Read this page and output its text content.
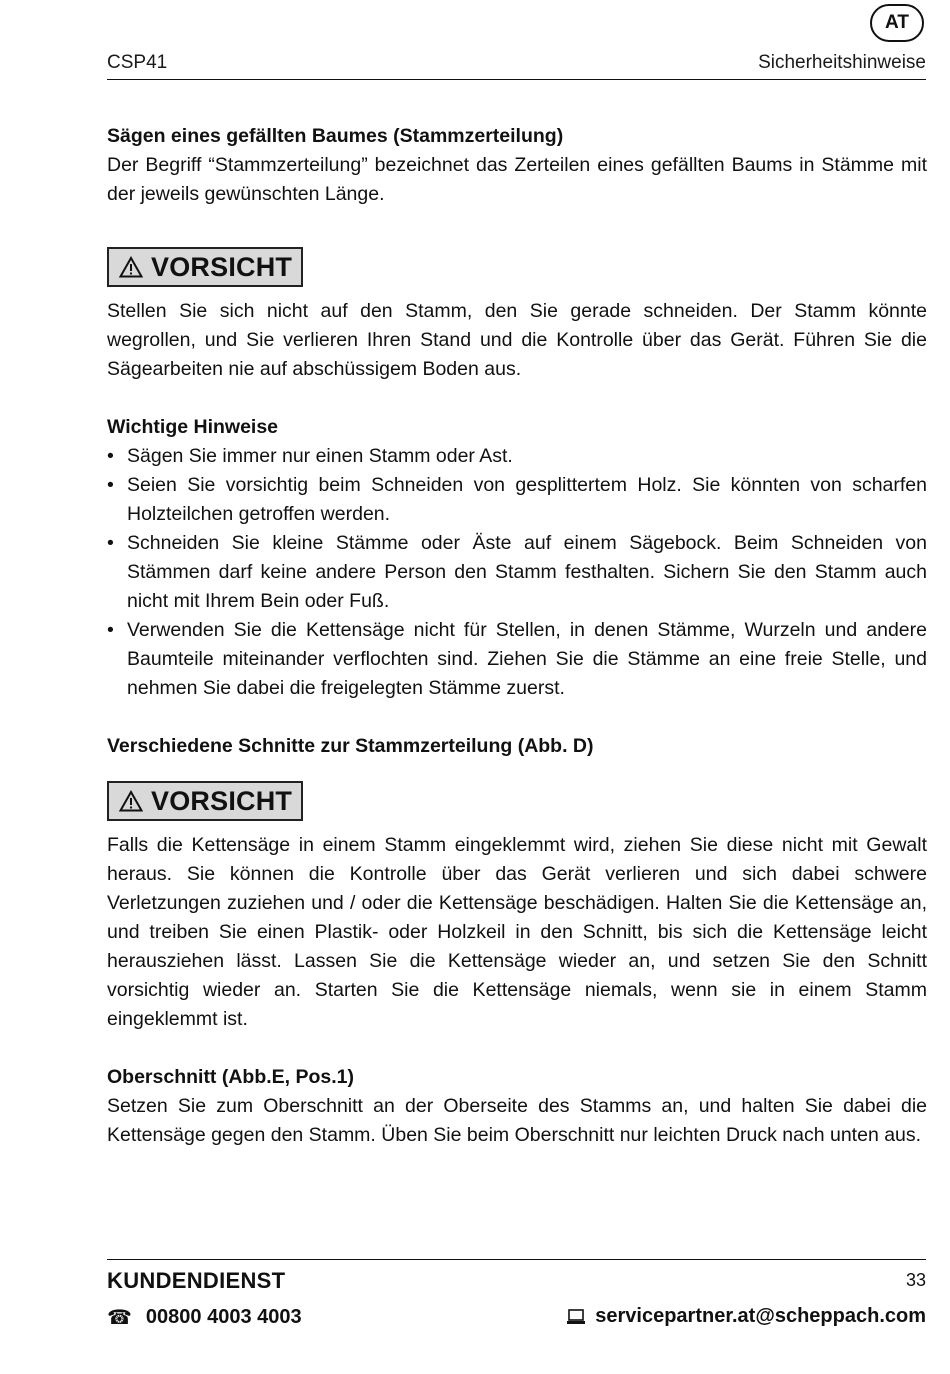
AT
CSP41	Sicherheitshinweise

Sägen eines gefällten Baumes (Stammzerteilung)

Der Begriff “Stammzerteilung” bezeichnet das Zerteilen eines gefällten Baums in Stämme mit der jeweils gewünschten Länge.

VORSICHT

Stellen Sie sich nicht auf den Stamm, den Sie gerade schneiden. Der Stamm könnte wegrollen, und Sie verlieren Ihren Stand und die Kontrolle über das Gerät. Führen Sie die Sägearbeiten nie auf abschüssigem Boden aus.

Wichtige Hinweise

• Sägen Sie immer nur einen Stamm oder Ast.
• Seien Sie vorsichtig beim Schneiden von gesplittertem Holz. Sie könnten von scharfen Holzteilchen getroffen werden.
• Schneiden Sie kleine Stämme oder Äste auf einem Sägebock. Beim Schneiden von Stämmen darf keine andere Person den Stamm festhalten. Sichern Sie den Stamm auch nicht mit Ihrem Bein oder Fuß.
• Verwenden Sie die Kettensäge nicht für Stellen, in denen Stämme, Wurzeln und andere Baumteile miteinander verflochten sind. Ziehen Sie die Stämme an eine freie Stelle, und nehmen Sie dabei die freigelegten Stämme zuerst.

Verschiedene Schnitte zur Stammzerteilung (Abb. D)

VORSICHT

Falls die Kettensäge in einem Stamm eingeklemmt wird, ziehen Sie diese nicht mit Gewalt heraus. Sie können die Kontrolle über das Gerät verlieren und sich dabei schwere Verletzungen zuziehen und / oder die Kettensäge beschädigen. Halten Sie die Kettensäge an, und treiben Sie einen Plastik- oder Holzkeil in den Schnitt, bis sich die Kettensäge leicht herausziehen lässt. Lassen Sie die Kettensäge wieder an, und setzen Sie den Schnitt vorsichtig wieder an. Starten Sie die Kettensäge niemals, wenn sie in einem Stamm eingeklemmt ist.

Oberschnitt (Abb.E, Pos.1)

Setzen Sie zum Oberschnitt an der Oberseite des Stamms an, und halten Sie dabei die Kettensäge gegen den Stamm. Üben Sie beim Oberschnitt nur leichten Druck nach unten aus.

KUNDENDIENST	33
☎ 00800 4003 4003	servicepartner.at@scheppach.com
